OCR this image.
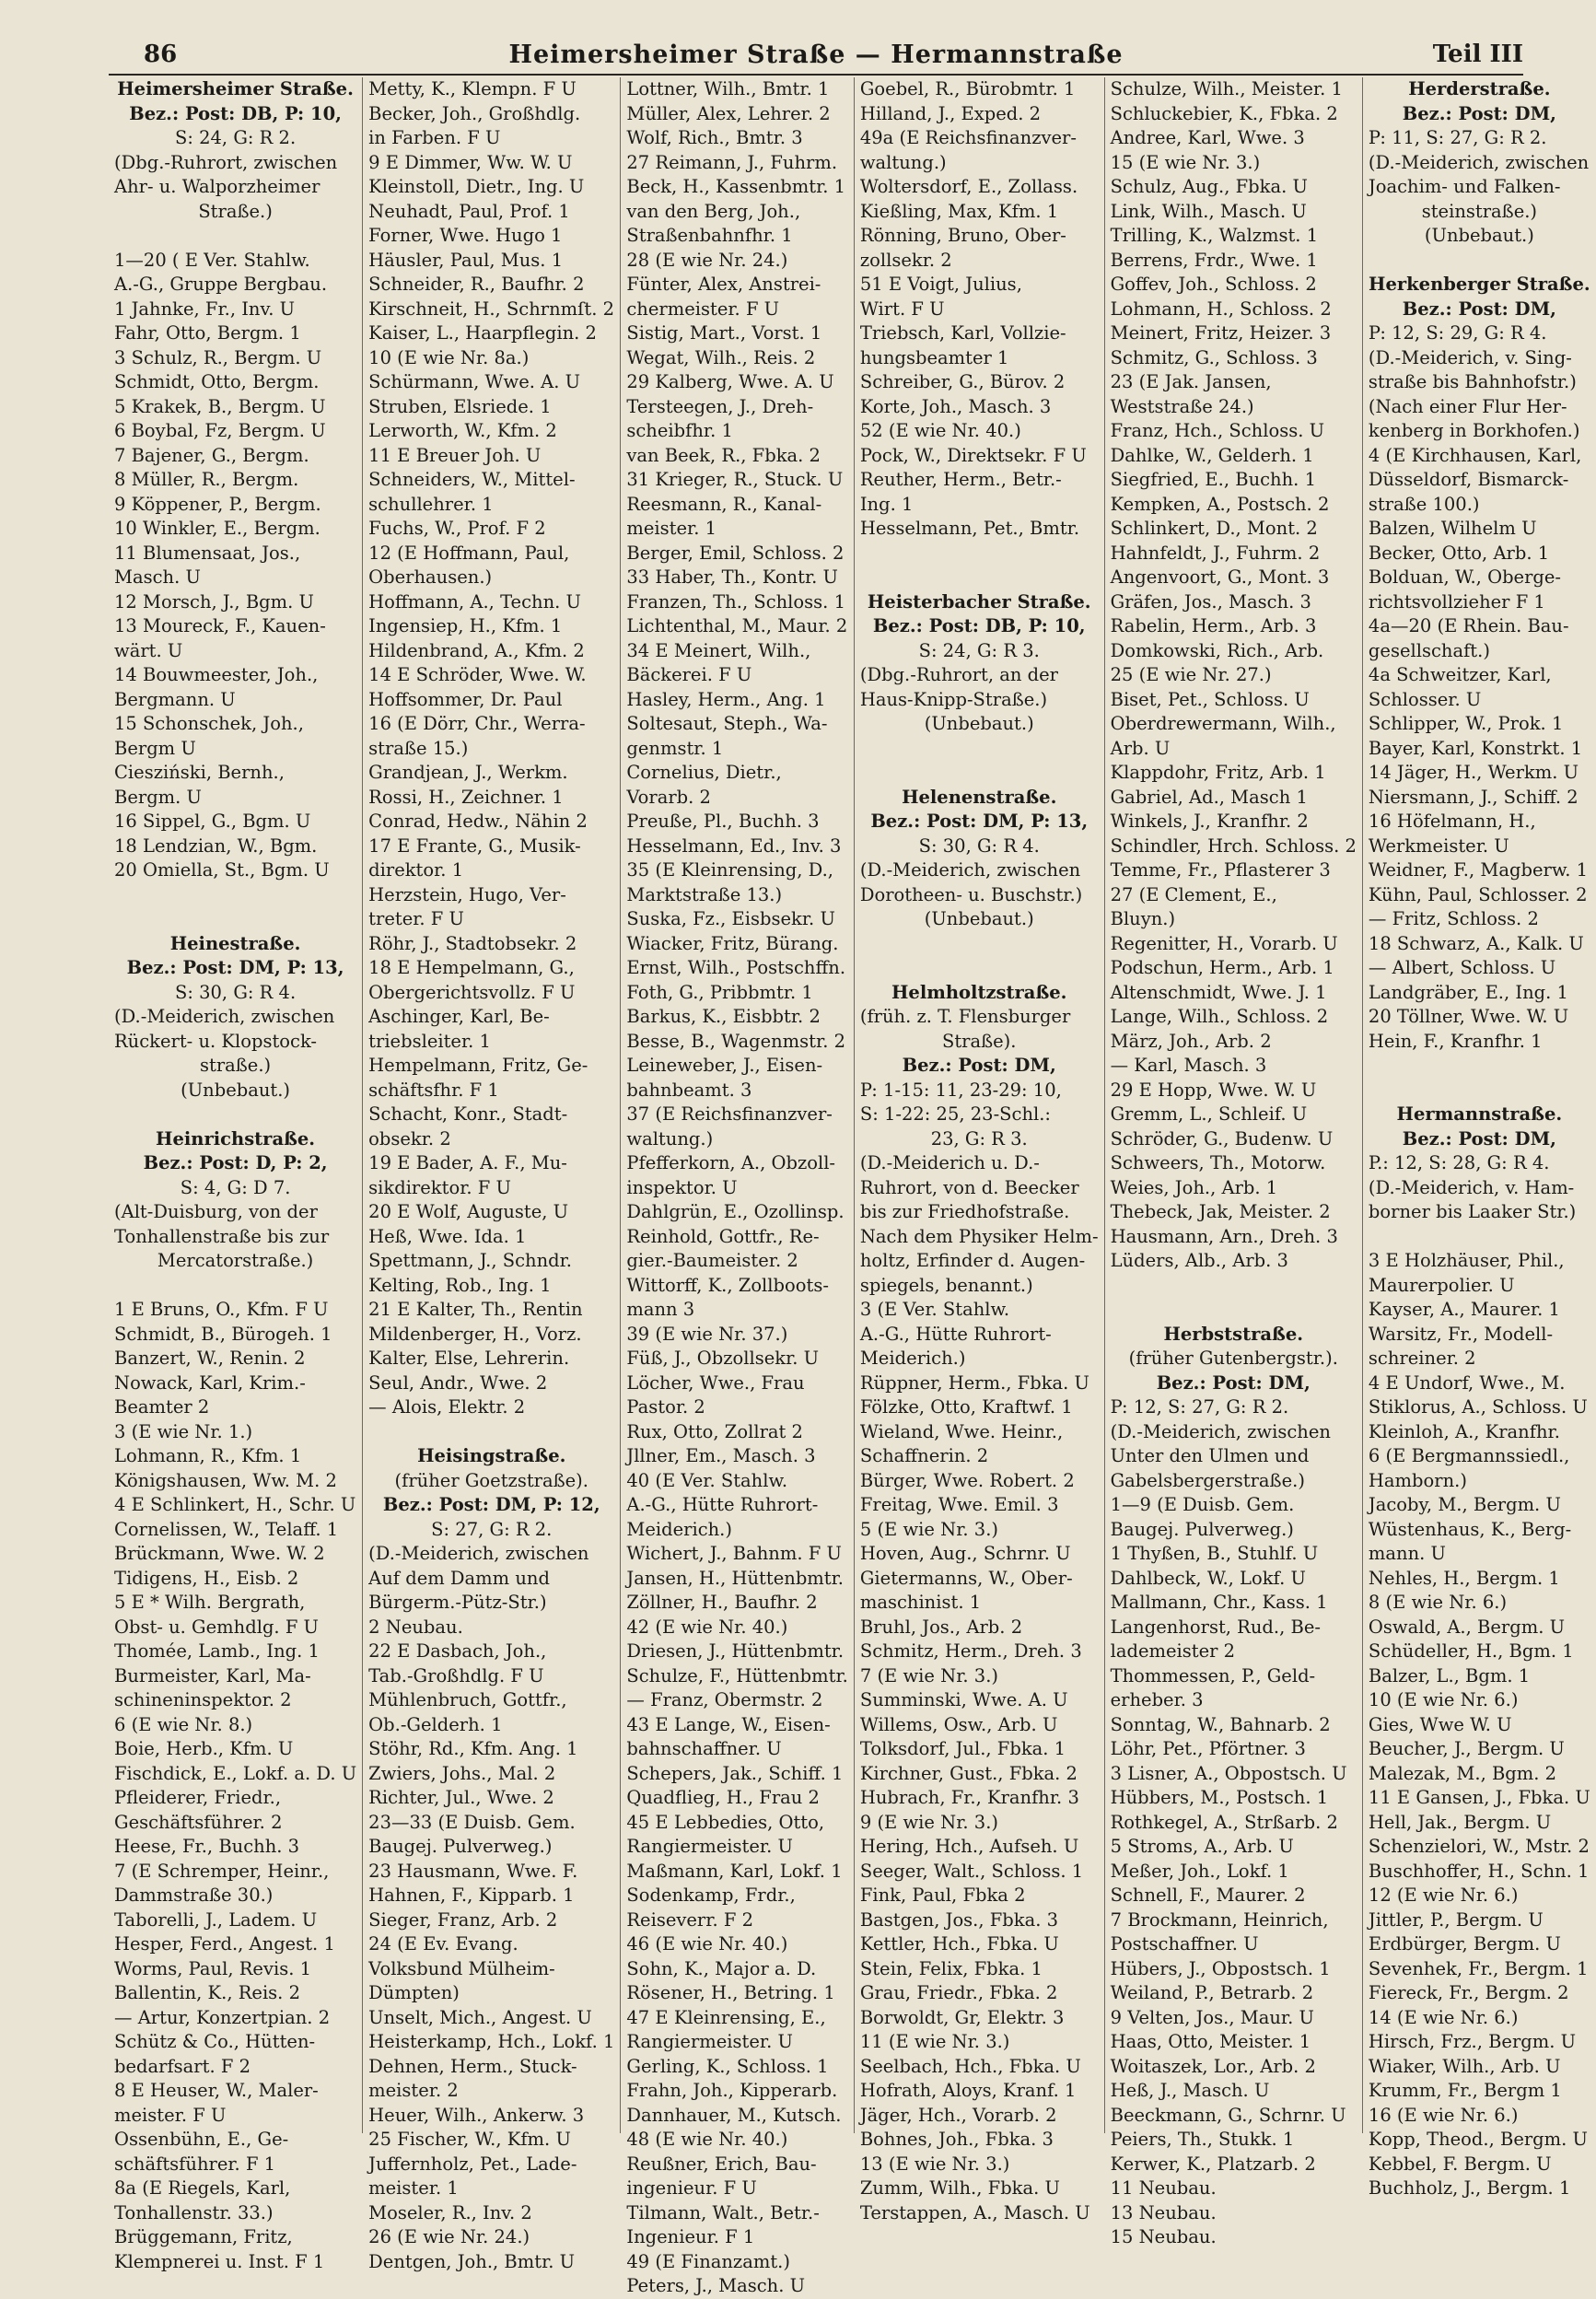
86	Heimersheimer Straße — Hermannstraße	Teil III
Heimersheimer Straße.
Bez.: Post: DB, P: 10,
S: 24, G: R 2.
(Dbg.-Ruhrort, zwischen
Ahr- u. Walporzheimer
Straße.)
1—20 ( E Ver. Stahlw.
A.-G., Gruppe Bergbau.
1 Jahnke, Fr., Inv. U
Fahr, Otto, Bergm. 1
3 Schulz, R., Bergm. U
Schmidt, Otto, Bergm.
5 Krakek, B., Bergm. U
6 Boybal, Fz, Bergm. U
7 Bajener, G., Bergm.
8 Müller, R., Bergm.
9 Köppener, P., Bergm.
10 Winkler, E., Bergm.
11 Blumensaat, Jos.,
Masch. U
12 Morsch, J., Bgm. U
13 Moureck, F., Kauen-
wärt. U
14 Bouwmeester, Joh.,
Bergmann. U
15 Schonschek, Joh.,
Bergm U
Ciesziński, Bernh.,
Bergm. U
16 Sippel, G., Bgm. U
18 Lendzian, W., Bgm.
20 Omiella, St., Bgm. U
Heinestraße.
Bez.: Post: DM, P: 13,
S: 30, G: R 4.
(D.-Meiderich, zwischen
Rückert- u. Klopstock-
straße.)
(Unbebaut.)
Heinrichstraße.
Bez.: Post: D, P: 2,
S: 4, G: D 7.
(Alt-Duisburg, von der
Tonhallenstraße bis zur
Mercatorstraße.)
1 E Bruns, O., Kfm. F U
Schmidt, B., Bürogeh. 1
Banzert, W., Renin. 2
Nowack, Karl, Krim.-
Beamter 2
3 (E wie Nr. 1.)
Lohmann, R., Kfm. 1
Königshausen, Ww. M. 2
4 E Schlinkert, H., Schr. U
Cornelissen, W., Telaff. 1
Brückmann, Wwe. W. 2
Tidigens, H., Eisb. 2
5 E * Wilh. Bergrath,
Obst- u. Gemhdlg. F U
Thomée, Lamb., Ing. 1
Burmeister, Karl, Ma-
schineninspektor. 2
6 (E wie Nr. 8.)
Boie, Herb., Kfm. U
Fischdick, E., Lokf. a. D. U
Pfleiderer, Friedr.,
Geschäftsführer. 2
Heese, Fr., Buchh. 3
7 (E Schremper, Heinr.,
Dammstraße 30.)
Taborelli, J., Ladem. U
Hesper, Ferd., Angest. 1
Worms, Paul, Revis. 1
Ballentin, K., Reis. 2
— Artur, Konzertpian. 2
Schütz & Co., Hütten-
bedarfsart. F 2
8 E Heuser, W., Maler-
meister. F U
Ossenbühn, E., Ge-
schäftsführer. F 1
8a (E Riegels, Karl,
Tonhallenstr. 33.)
Brüggemann, Fritz,
Klempnerei u. Inst. F 1
Metty, K., Klempn. F U
Becker, Joh., Großhdlg.
in Farben. F U
9 E Dimmer, Ww. W. U
Kleinstoll, Dietr., Ing. U
Neuhadt, Paul, Prof. 1
Forner, Wwe. Hugo 1
Häusler, Paul, Mus. 1
Schneider, R., Baufhr. 2
Kirschneit, H., Schrnmſt. 2
Kaiser, L., Haarpflegin. 2
10 (E wie Nr. 8a.)
Schürmann, Wwe. A. U
Struben, Elsriede. 1
Lerworth, W., Kfm. 2
11 E Breuer Joh. U
Schneiders, W., Mittel-
schullehrer. 1
Fuchs, W., Prof. F 2
12 (E Hoffmann, Paul,
Oberhausen.)
Hoffmann, A., Techn. U
Ingensiep, H., Kfm. 1
Hildenbrand, A., Kfm. 2
14 E Schröder, Wwe. W.
Hoffsommer, Dr. Paul
16 (E Dörr, Chr., Werra-
straße 15.)
Grandjean, J., Werkm.
Rossi, H., Zeichner. 1
Conrad, Hedw., Nähin 2
17 E Frante, G., Musik-
direktor. 1
Herzstein, Hugo, Ver-
treter. F U
Röhr, J., Stadtobsekr. 2
18 E Hempelmann, G.,
Obergerichtsvollz. F U
Aschinger, Karl, Be-
triebsleiter. 1
Hempelmann, Fritz, Ge-
schäftsfhr. F 1
Schacht, Konr., Stadt-
obsekr. 2
19 E Bader, A. F., Mu-
sikdirektor. F U
20 E Wolf, Auguste, U
Heß, Wwe. Ida. 1
Spettmann, J., Schndr.
Kelting, Rob., Ing. 1
21 E Kalter, Th., Rentin
Mildenberger, H., Vorz.
Kalter, Else, Lehrerin.
Seul, Andr., Wwe. 2
— Alois, Elektr. 2
Heisingstraße.
(früher Goetzstraße).
Bez.: Post: DM, P: 12,
S: 27, G: R 2.
(D.-Meiderich, zwischen
Auf dem Damm und
Bürgerm.-Pütz-Str.)
2 Neubau.
22 E Dasbach, Joh.,
Tab.-Großhdlg. F U
Mühlenbruch, Gottfr.,
Ob.-Gelderh. 1
Stöhr, Rd., Kfm. Ang. 1
Zwiers, Johs., Mal. 2
Richter, Jul., Wwe. 2
23—33 (E Duisb. Gem.
Baugej. Pulverweg.)
23 Hausmann, Wwe. F.
Hahnen, F., Kipparb. 1
Sieger, Franz, Arb. 2
24 (E Ev. Evang.
Volksbund Mülheim-
Dümpten)
Unselt, Mich., Angest. U
Heisterkamp, Hch., Lokf. 1
Dehnen, Herm., Stuck-
meister. 2
Heuer, Wilh., Ankerw. 3
25 Fischer, W., Kfm. U
Juffernholz, Pet., Lade-
meister. 1
Moseler, R., Inv. 2
26 (E wie Nr. 24.)
Dentgen, Joh., Bmtr. U
Lottner, Wilh., Bmtr. 1
Müller, Alex, Lehrer. 2
Wolf, Rich., Bmtr. 3
27 Reimann, J., Fuhrm.
Beck, H., Kassenbmtr. 1
van den Berg, Joh.,
Straßenbahnfhr. 1
28 (E wie Nr. 24.)
Fünter, Alex, Anstrei-
chermeister. F U
Sistig, Mart., Vorst. 1
Wegat, Wilh., Reis. 2
29 Kalberg, Wwe. A. U
Tersteegen, J., Dreh-
scheibfhr. 1
van Beek, R., Fbka. 2
31 Krieger, R., Stuck. U
Reesmann, R., Kanal-
meister. 1
Berger, Emil, Schloss. 2
33 Haber, Th., Kontr. U
Franzen, Th., Schloss. 1
Lichtenthal, M., Maur. 2
34 E Meinert, Wilh.,
Bäckerei. F U
Hasley, Herm., Ang. 1
Soltesaut, Steph., Wa-
genmstr. 1
Cornelius, Dietr.,
Vorarb. 2
Preuße, Pl., Buchh. 3
Hesselmann, Ed., Inv. 3
35 (E Kleinrensing, D.,
Marktstraße 13.)
Suska, Fz., Eisbsekr. U
Wiacker, Fritz, Bürang.
Ernst, Wilh., Postschffn.
Foth, G., Pribbmtr. 1
Barkus, K., Eisbbtr. 2
Besse, B., Wagenmstr. 2
Leineweber, J., Eisen-
bahnbeamt. 3
37 (E Reichsfinanzver-
waltung.)
Pfefferkorn, A., Obzoll-
inspektor. U
Dahlgrün, E., Ozollinsp.
Reinhold, Gottfr., Re-
gier.-Baumeister. 2
Wittorff, K., Zollboots-
mann 3
39 (E wie Nr. 37.)
Füß, J., Obzollsekr. U
Löcher, Wwe., Frau
Pastor. 2
Rux, Otto, Zollrat 2
Jllner, Em., Masch. 3
40 (E Ver. Stahlw.
A.-G., Hütte Ruhrort-
Meiderich.)
Wichert, J., Bahnm. F U
Jansen, H., Hüttenbmtr.
Zöllner, H., Baufhr. 2
42 (E wie Nr. 40.)
Driesen, J., Hüttenbmtr.
Schulze, F., Hüttenbmtr.
— Franz, Obermstr. 2
43 E Lange, W., Eisen-
bahnschaffner. U
Schepers, Jak., Schiff. 1
Quadflieg, H., Frau 2
45 E Lebbedies, Otto,
Rangiermeister. U
Maßmann, Karl, Lokf. 1
Sodenkamp, Frdr.,
Reiseverr. F 2
46 (E wie Nr. 40.)
Sohn, K., Major a. D.
Rösener, H., Betring. 1
47 E Kleinrensing, E.,
Rangiermeister. U
Gerling, K., Schloss. 1
Frahn, Joh., Kipperarb.
Dannhauer, M., Kutsch.
48 (E wie Nr. 40.)
Reußner, Erich, Bau-
ingenieur. F U
Tilmann, Walt., Betr.-
Ingenieur. F 1
49 (E Finanzamt.)
Peters, J., Masch. U
Goebel, R., Bürobmtr. 1
Hilland, J., Exped. 2
49a (E Reichsfinanzver-
waltung.)
Woltersdorf, E., Zollass.
Kießling, Max, Kfm. 1
Rönning, Bruno, Ober-
zollsekr. 2
51 E Voigt, Julius,
Wirt. F U
Triebsch, Karl, Vollzie-
hungsbeamter 1
Schreiber, G., Bürov. 2
Korte, Joh., Masch. 3
52 (E wie Nr. 40.)
Pock, W., Direktsekr. F U
Reuther, Herm., Betr.-
Ing. 1
Hesselmann, Pet., Bmtr.
Heisterbacher Straße.
Bez.: Post: DB, P: 10,
S: 24, G: R 3.
(Dbg.-Ruhrort, an der
Haus-Knipp-Straße.)
(Unbebaut.)
Helenenstraße.
Bez.: Post: DM, P: 13,
S: 30, G: R 4.
(D.-Meiderich, zwischen
Dorotheen- u. Buschstr.)
(Unbebaut.)
Helmholtzstraße.
(früh. z. T. Flensburger
Straße).
Bez.: Post: DM,
P: 1-15: 11, 23-29: 10,
S: 1-22: 25, 23-Schl.:
23, G: R 3.
(D.-Meiderich u. D.-
Ruhrort, von d. Beecker
bis zur Friedhofstraße.
Nach dem Physiker Helm-
holtz, Erfinder d. Augen-
spiegels, benannt.)
3 (E Ver. Stahlw.
A.-G., Hütte Ruhrort-
Meiderich.)
Rüppner, Herm., Fbka. U
Fölzke, Otto, Kraftwf. 1
Wieland, Wwe. Heinr.,
Schaffnerin. 2
Bürger, Wwe. Robert. 2
Freitag, Wwe. Emil. 3
5 (E wie Nr. 3.)
Hoven, Aug., Schrnr. U
Gietermanns, W., Ober-
maschinist. 1
Bruhl, Jos., Arb. 2
Schmitz, Herm., Dreh. 3
7 (E wie Nr. 3.)
Summinski, Wwe. A. U
Willems, Osw., Arb. U
Tolksdorf, Jul., Fbka. 1
Kirchner, Gust., Fbka. 2
Hubrach, Fr., Kranfhr. 3
9 (E wie Nr. 3.)
Hering, Hch., Aufseh. U
Seeger, Walt., Schloss. 1
Fink, Paul, Fbka 2
Bastgen, Jos., Fbka. 3
Kettler, Hch., Fbka. U
Stein, Felix, Fbka. 1
Grau, Friedr., Fbka. 2
Borwoldt, Gr, Elektr. 3
11 (E wie Nr. 3.)
Seelbach, Hch., Fbka. U
Hofrath, Aloys, Kranf. 1
Jäger, Hch., Vorarb. 2
Bohnes, Joh., Fbka. 3
13 (E wie Nr. 3.)
Zumm, Wilh., Fbka. U
Terstappen, A., Masch. U
Schulze, Wilh., Meister. 1
Schluckebier, K., Fbka. 2
Andree, Karl, Wwe. 3
15 (E wie Nr. 3.)
Schulz, Aug., Fbka. U
Link, Wilh., Masch. U
Trilling, K., Walzmst. 1
Berrens, Frdr., Wwe. 1
Goffev, Joh., Schloss. 2
Lohmann, H., Schloss. 2
Meinert, Fritz, Heizer. 3
Schmitz, G., Schloss. 3
23 (E Jak. Jansen,
Weststraße 24.)
Franz, Hch., Schloss. U
Dahlke, W., Gelderh. 1
Siegfried, E., Buchh. 1
Kempken, A., Postsch. 2
Schlinkert, D., Mont. 2
Hahnfeldt, J., Fuhrm. 2
Angenvoort, G., Mont. 3
Gräfen, Jos., Masch. 3
Rabelin, Herm., Arb. 3
Domkowski, Rich., Arb.
25 (E wie Nr. 27.)
Biset, Pet., Schloss. U
Oberdrewermann, Wilh.,
Arb. U
Klappdohr, Fritz, Arb. 1
Gabriel, Ad., Masch 1
Winkels, J., Kranfhr. 2
Schindler, Hrch. Schloss. 2
Temme, Fr., Pflasterer 3
27 (E Clement, E.,
Bluyn.)
Regenitter, H., Vorarb. U
Podschun, Herm., Arb. 1
Altenschmidt, Wwe. J. 1
Lange, Wilh., Schloss. 2
März, Joh., Arb. 2
— Karl, Masch. 3
29 E Hopp, Wwe. W. U
Gremm, L., Schleif. U
Schröder, G., Budenw. U
Schweers, Th., Motorw.
Weies, Joh., Arb. 1
Thebeck, Jak, Meister. 2
Hausmann, Arn., Dreh. 3
Lüders, Alb., Arb. 3
Herbststraße.
(früher Gutenbergstr.).
Bez.: Post: DM,
P: 12, S: 27, G: R 2.
(D.-Meiderich, zwischen
Unter den Ulmen und
Gabelsbergerstraße.)
1—9 (E Duisb. Gem.
Baugej. Pulverweg.)
1 Thyßen, B., Stuhlf. U
Dahlbeck, W., Lokf. U
Mallmann, Chr., Kass. 1
Langenhorst, Rud., Be-
lademeister 2
Thommessen, P., Geld-
erheber. 3
Sonntag, W., Bahnarb. 2
Löhr, Pet., Pförtner. 3
3 Lisner, A., Obpostsch. U
Hübbers, M., Postsch. 1
Rothkegel, A., Strßarb. 2
5 Stroms, A., Arb. U
Meßer, Joh., Lokf. 1
Schnell, F., Maurer. 2
7 Brockmann, Heinrich,
Postschaffner. U
Hübers, J., Obpostsch. 1
Weiland, P., Betrarb. 2
9 Velten, Jos., Maur. U
Haas, Otto, Meister. 1
Woitaszek, Lor., Arb. 2
Heß, J., Masch. U
Beeckmann, G., Schrnr. U
Peiers, Th., Stukk. 1
Kerwer, K., Platzarb. 2
11 Neubau.
13 Neubau.
15 Neubau.
Herderstraße.
Bez.: Post: DM,
P: 11, S: 27, G: R 2.
(D.-Meiderich, zwischen
Joachim- und Falken-
steinstraße.)
(Unbebaut.)
Herkenberger Straße.
Bez.: Post: DM,
P: 12, S: 29, G: R 4.
(D.-Meiderich, v. Sing-
straße bis Bahnhofstr.)
(Nach einer Flur Her-
kenberg in Borkhofen.)
4 (E Kirchhausen, Karl,
Düsseldorf, Bismarck-
straße 100.)
Balzen, Wilhelm U
Becker, Otto, Arb. 1
Bolduan, W., Oberge-
richtsvollzieher F 1
4a—20 (E Rhein. Bau-
gesellschaft.)
4a Schweitzer, Karl,
Schlosser. U
Schlipper, W., Prok. 1
Bayer, Karl, Konstrkt. 1
14 Jäger, H., Werkm. U
Niersmann, J., Schiff. 2
16 Höfelmann, H.,
Werkmeister. U
Weidner, F., Magberw. 1
Kühn, Paul, Schlosser. 2
— Fritz, Schloss. 2
18 Schwarz, A., Kalk. U
— Albert, Schloss. U
Landgräber, E., Ing. 1
20 Töllner, Wwe. W. U
Hein, F., Kranfhr. 1
Hermannstraße.
Bez.: Post: DM,
P.: 12, S: 28, G: R 4.
(D.-Meiderich, v. Ham-
borner bis Laaker Str.)
3 E Holzhäuser, Phil.,
Maurerpolier. U
Kayser, A., Maurer. 1
Warsitz, Fr., Modell-
schreiner. 2
4 E Undorf, Wwe., M.
Stiklorus, A., Schloss. U
Kleinloh, A., Kranfhr.
6 (E Bergmannssiedl.,
Hamborn.)
Jacoby, M., Bergm. U
Wüstenhaus, K., Berg-
mann. U
Nehles, H., Bergm. 1
8 (E wie Nr. 6.)
Oswald, A., Bergm. U
Schüdeller, H., Bgm. 1
Balzer, L., Bgm. 1
10 (E wie Nr. 6.)
Gies, Wwe W. U
Beucher, J., Bergm. U
Malezak, M., Bgm. 2
11 E Gansen, J., Fbka. U
Hell, Jak., Bergm. U
Schenzielori, W., Mstr. 2
Buschhoffer, H., Schn. 1
12 (E wie Nr. 6.)
Jittler, P., Bergm. U
Erdbürger, Bergm. U
Sevenhek, Fr., Bergm. 1
Fiereck, Fr., Bergm. 2
14 (E wie Nr. 6.)
Hirsch, Frz., Bergm. U
Wiaker, Wilh., Arb. U
Krumm, Fr., Bergm 1
16 (E wie Nr. 6.)
Kopp, Theod., Bergm. U
Kebbel, F. Bergm. U
Buchholz, J., Bergm. 1
